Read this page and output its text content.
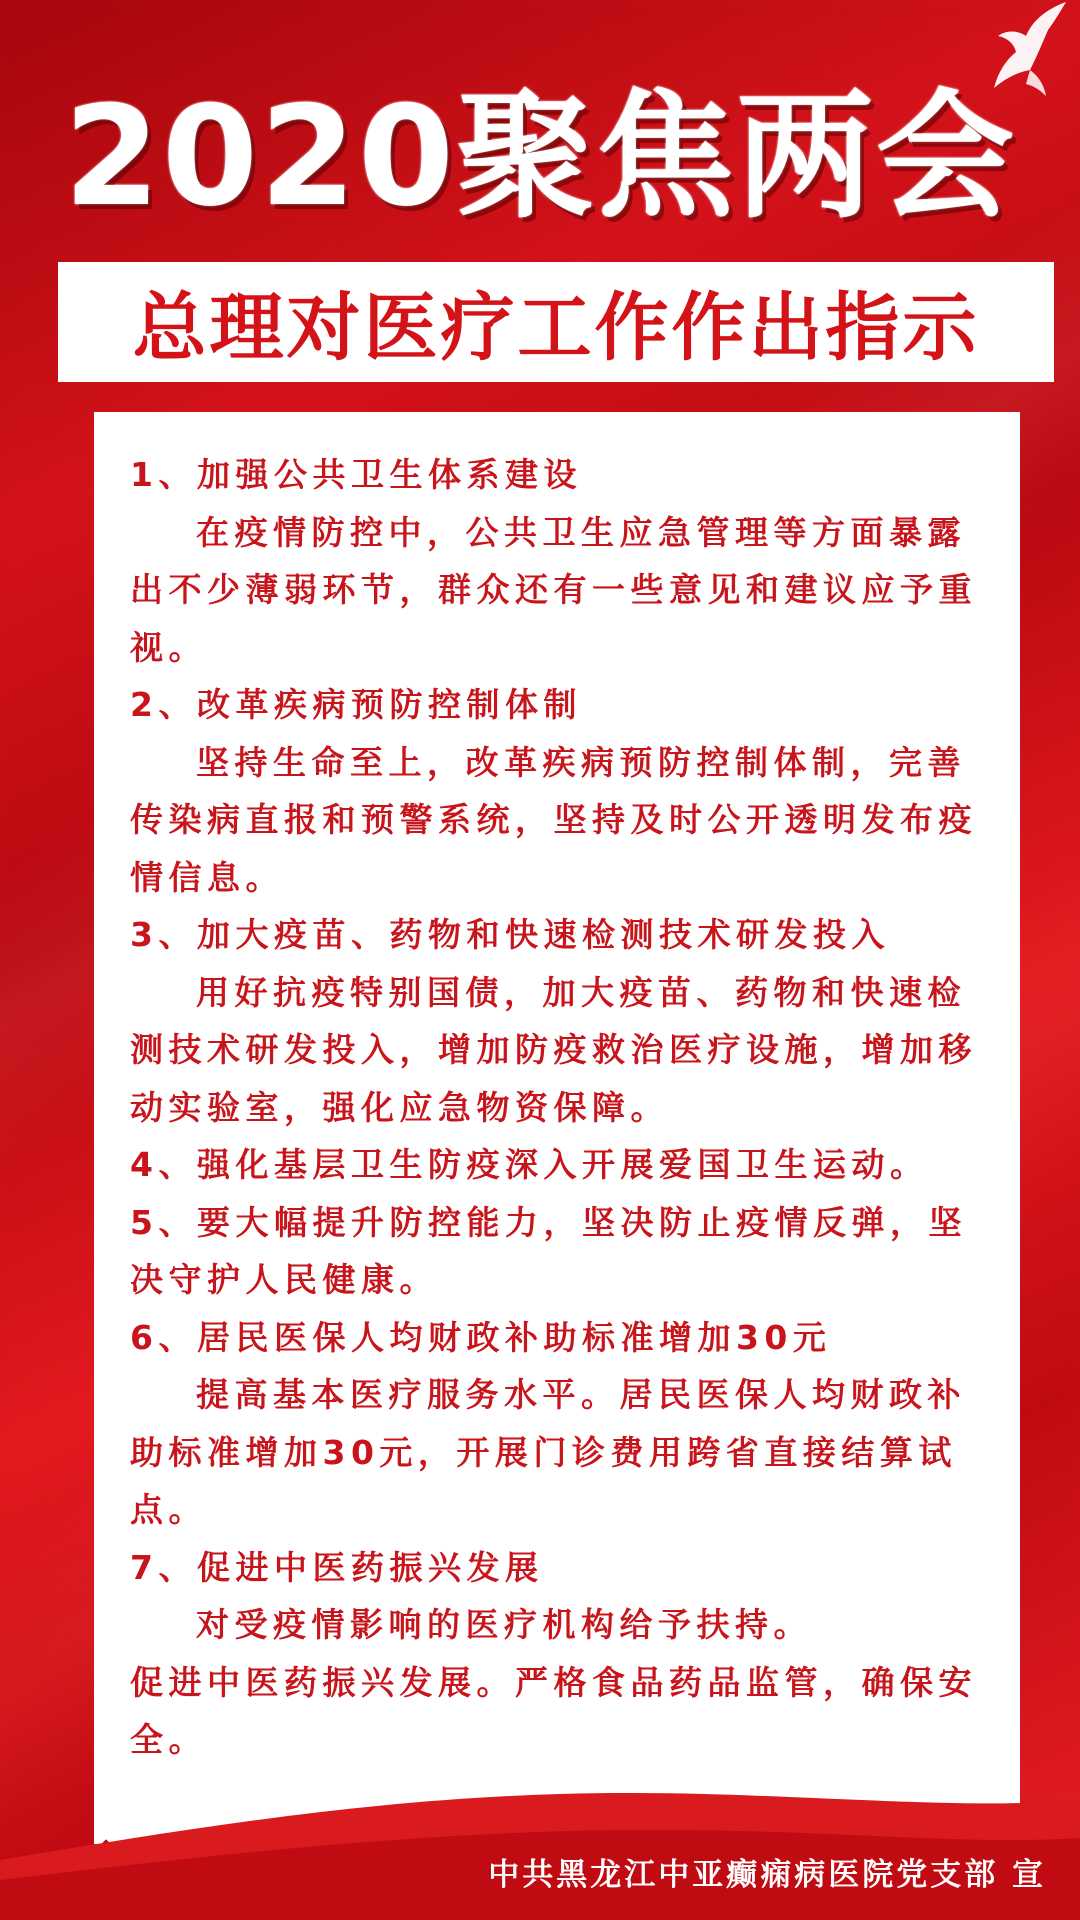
2020聚焦两会
总理对医疗工作作出指示
1、加强公共卫生体系建设
在疫情防控中，公共卫生应急管理等方面暴露出不少薄弱环节，群众还有一些意见和建议应予重视。
2、改革疾病预防控制体制
坚持生命至上，改革疾病预防控制体制，完善传染病直报和预警系统，坚持及时公开透明发布疫情信息。
3、加大疫苗、药物和快速检测技术研发投入
用好抗疫特别国债，加大疫苗、药物和快速检测技术研发投入，增加防疫救治医疗设施，增加移动实验室，强化应急物资保障。
4、强化基层卫生防疫深入开展爱国卫生运动。
5、要大幅提升防控能力，坚决防止疫情反弹，坚决守护人民健康。
6、居民医保人均财政补助标准增加30元
提高基本医疗服务水平。居民医保人均财政补助标准增加30元，开展门诊费用跨省直接结算试点。
7、促进中医药振兴发展
对受疫情影响的医疗机构给予扶持。
促进中医药振兴发展。严格食品药品监管，确保安全。
中共黑龙江中亚癫痫病医院党支部 宣
